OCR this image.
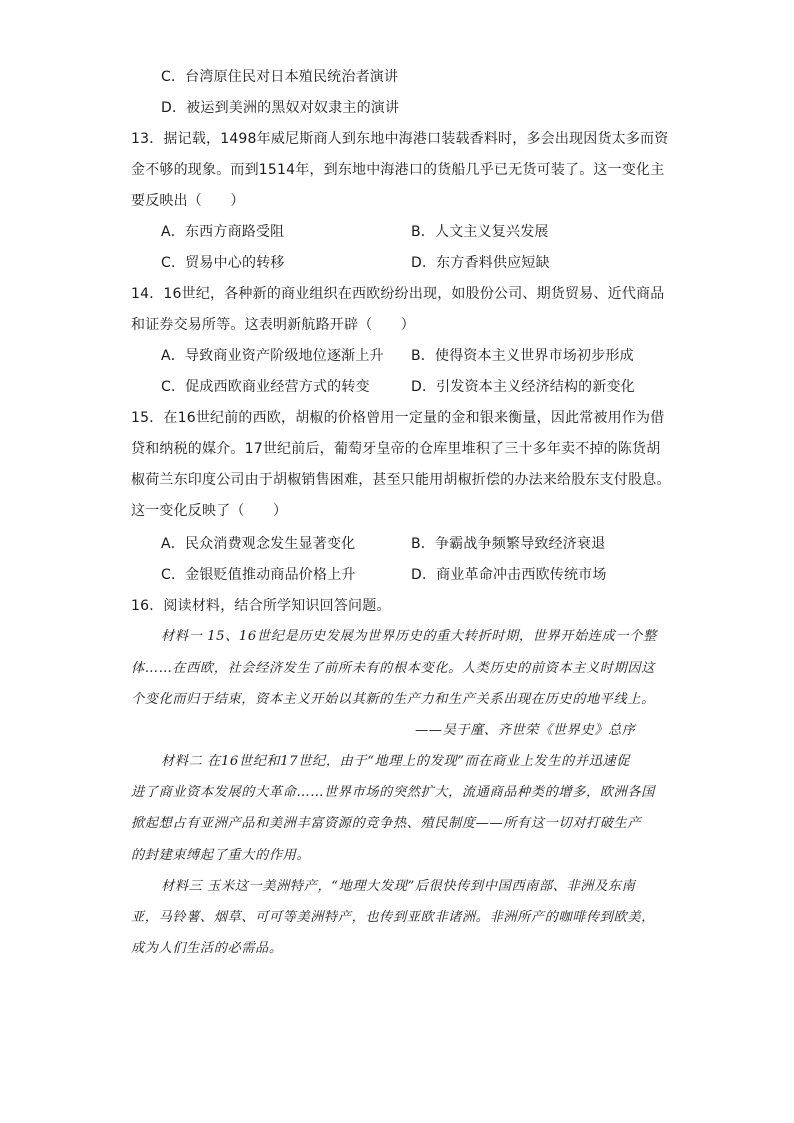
C．台湾原住民对日本殖民统治者演讲
D．被运到美洲的黑奴对奴隶主的演讲
13．据记载，1498年威尼斯商人到东地中海港口装载香料时，多会出现因货太多而资
金不够的现象。而到1514年，到东地中海港口的货船几乎已无货可装了。这一变化主
要反映出（　　）
A．东西方商路受阻	B．人文主义复兴发展
C．贸易中心的转移	D．东方香料供应短缺
14．16世纪，各种新的商业组织在西欧纷纷出现，如股份公司、期货贸易、近代商品
和证券交易所等。这表明新航路开辟（　　）
A．导致商业资产阶级地位逐渐上升 B．使得资本主义世界市场初步形成
C．促成西欧商业经营方式的转变	D．引发资本主义经济结构的新变化
15．在16世纪前的西欧，胡椒的价格曾用一定量的金和银来衡量，因此常被用作为借
贷和纳税的媒介。17世纪前后，葡萄牙皇帝的仓库里堆积了三十多年卖不掉的陈货胡
椒荷兰东印度公司由于胡椒销售困难，甚至只能用胡椒折偿的办法来给股东支付股息。
这一变化反映了（　　）
A．民众消费观念发生显著变化	B．争霸战争频繁导致经济衰退
C．金银贬值推动商品价格上升	D．商业革命冲击西欧传统市场
16．阅读材料，结合所学知识回答问题。
材料一 15、16世纪是历史发展为世界历史的重大转折时期，世界开始连成一个整
体……在西欧，社会经济发生了前所未有的根本变化。人类历史的前资本主义时期因这
个变化而归于结束，资本主义开始以其新的生产力和生产关系出现在历史的地平线上。
——吴于廑、齐世荣《世界史》总序
材料二 在16世纪和17世纪，由于“地理上的发现”而在商业上发生的并迅速促
进了商业资本发展的大革命……世界市场的突然扩大，流通商品种类的增多，欧洲各国
掀起想占有亚洲产品和美洲丰富资源的竞争热、殖民制度——所有这一切对打破生产
的封建束缚起了重大的作用。
材料三 玉米这一美洲特产，“地理大发现”后很快传到中国西南部、非洲及东南
亚，马铃薯、烟草、可可等美洲特产，也传到亚欧非诸洲。非洲所产的咖啡传到欧美，
成为人们生活的必需品。
